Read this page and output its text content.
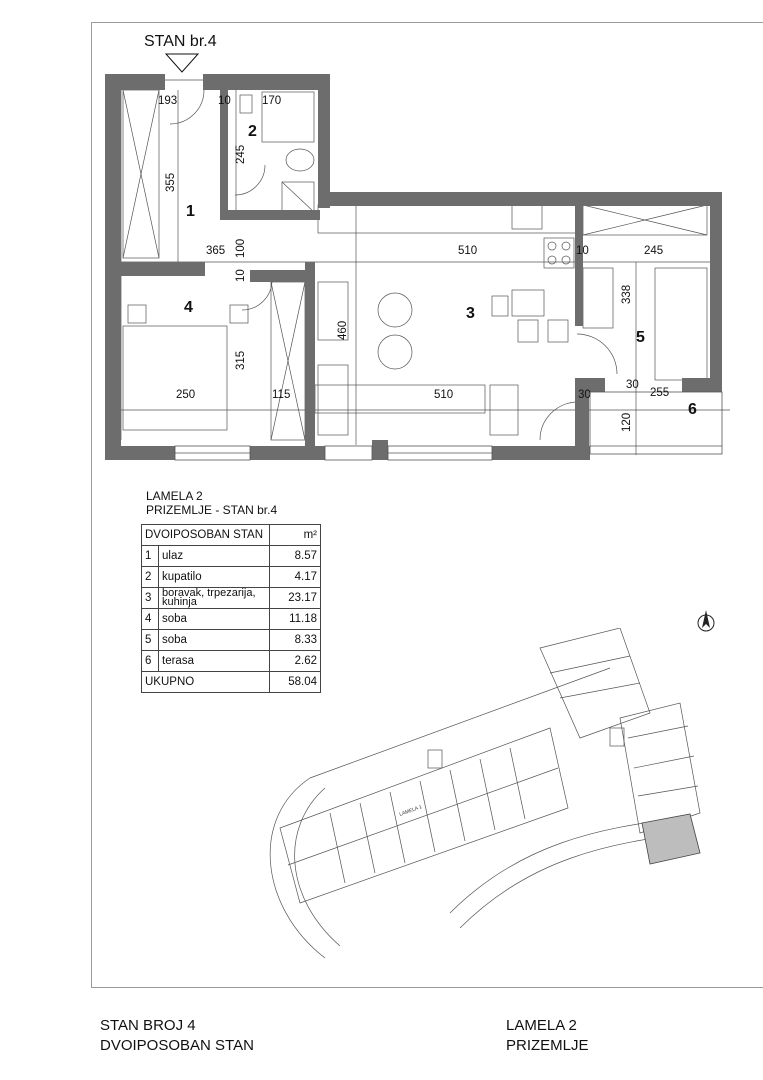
STAN br.4
1
2
3
4
5
6
193	10	170
355
245
365 100	510	10	245
10
460
338
315
250	115	510	30
30
255
120
LAMELA 2
PRIZEMLJE - STAN br.4
DVOIPOSOBAN STAN		m²
1	ulaz	8.57
2	kupatilo	4.17
3	boravak, trpezarija, kuhinja	23.17
4	soba	11.18
5	soba	8.33
6	terasa	2.62
UKUPNO		58.04
LAMELA 1
STAN BROJ 4
DVOIPOSOBAN STAN
LAMELA 2
PRIZEMLJE
